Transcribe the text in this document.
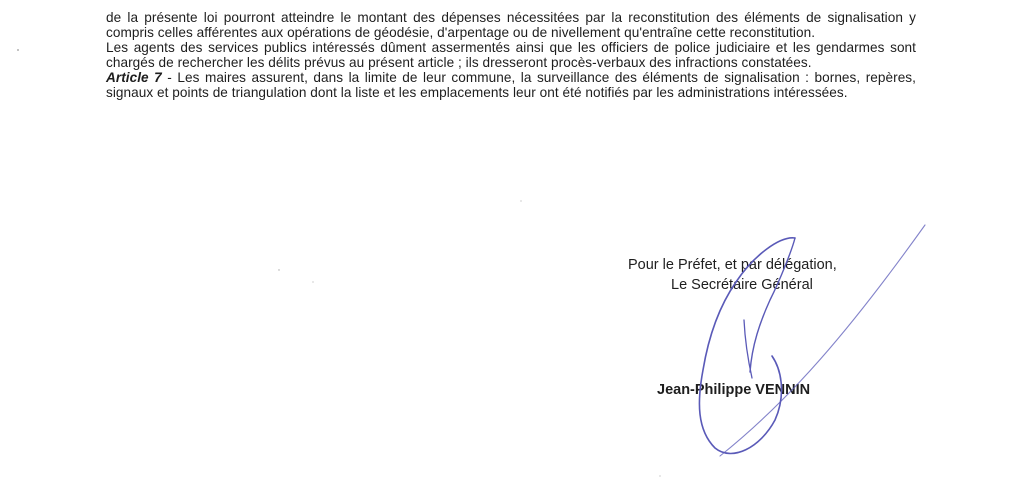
de la présente loi pourront atteindre le montant des dépenses nécessitées par la reconstitution des éléments de signalisation y compris celles afférentes aux opérations de géodésie, d'arpentage ou de nivellement qu'entraîne cette reconstitution.

Les agents des services publics intéressés dûment assermentés ainsi que les officiers de police judiciaire et les gendarmes sont chargés de rechercher les délits prévus au présent article ; ils dresseront procès-verbaux des infractions constatées.

Article 7 - Les maires assurent, dans la limite de leur commune, la surveillance des éléments de signalisation : bornes, repères, signaux et points de triangulation dont la liste et les emplacements leur ont été notifiés par les administrations intéressées.

Pour le Préfet, et par délégation,
Le Secrétaire Général
Jean-Philippe VENNIN
